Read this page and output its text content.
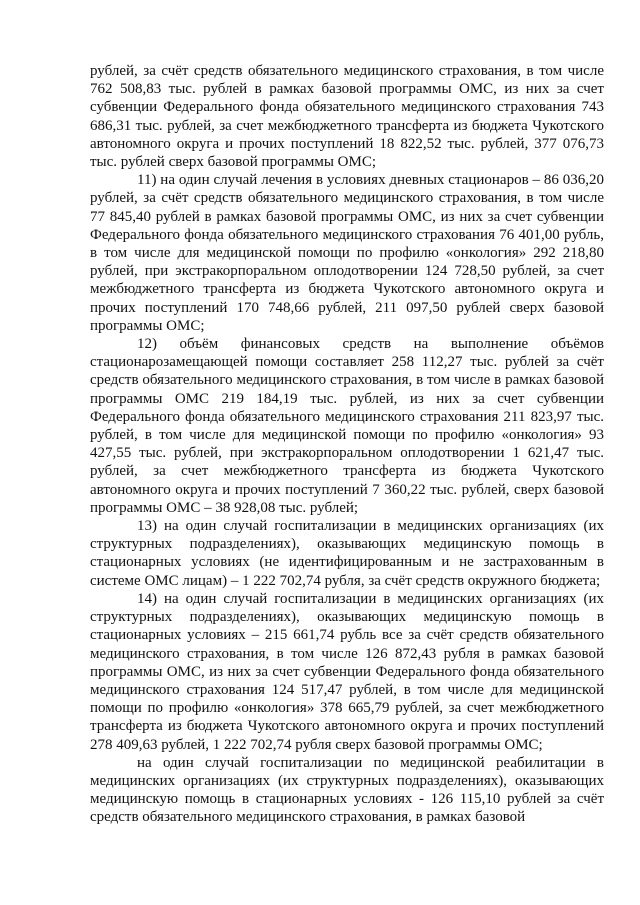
рублей, за счёт средств обязательного медицинского страхования, в том числе 762 508,83 тыс. рублей в рамках базовой программы ОМС, из них за счет субвенции Федерального фонда обязательного медицинского страхования 743 686,31 тыс. рублей, за счет межбюджетного трансферта из бюджета Чукотского автономного округа и прочих поступлений 18 822,52 тыс. рублей, 377 076,73 тыс. рублей сверх базовой программы ОМС;

11) на один случай лечения в условиях дневных стационаров – 86 036,20 рублей, за счёт средств обязательного медицинского страхования, в том числе 77 845,40 рублей в рамках базовой программы ОМС, из них за счет субвенции Федерального фонда обязательного медицинского страхования 76 401,00 рубль, в том числе для медицинской помощи по профилю «онкология» 292 218,80 рублей, при экстракорпоральном оплодотворении 124 728,50 рублей, за счет межбюджетного трансферта из бюджета Чукотского автономного округа и прочих поступлений 170 748,66 рублей, 211 097,50 рублей сверх базовой программы ОМС;

12) объём финансовых средств на выполнение объёмов стационарозамещающей помощи составляет 258 112,27 тыс. рублей за счёт средств обязательного медицинского страхования, в том числе в рамках базовой программы ОМС 219 184,19 тыс. рублей, из них за счет субвенции Федерального фонда обязательного медицинского страхования 211 823,97 тыс. рублей, в том числе для медицинской помощи по профилю «онкология» 93 427,55 тыс. рублей, при экстракорпоральном оплодотворении 1 621,47 тыс. рублей, за счет межбюджетного трансферта из бюджета Чукотского автономного округа и прочих поступлений 7 360,22 тыс. рублей, сверх базовой программы ОМС – 38 928,08 тыс. рублей;

13) на один случай госпитализации в медицинских организациях (их структурных подразделениях), оказывающих медицинскую помощь в стационарных условиях (не идентифицированным и не застрахованным в системе ОМС лицам) – 1 222 702,74 рубля, за счёт средств окружного бюджета;

14) на один случай госпитализации в медицинских организациях (их структурных подразделениях), оказывающих медицинскую помощь в стационарных условиях – 215 661,74 рубль все за счёт средств обязательного медицинского страхования, в том числе 126 872,43 рубля в рамках базовой программы ОМС, из них за счет субвенции Федерального фонда обязательного медицинского страхования 124 517,47 рублей, в том числе для медицинской помощи по профилю «онкология» 378 665,79 рублей, за счет межбюджетного трансферта из бюджета Чукотского автономного округа и прочих поступлений 278 409,63 рублей, 1 222 702,74 рубля сверх базовой программы ОМС;

на один случай госпитализации по медицинской реабилитации в медицинских организациях (их структурных подразделениях), оказывающих медицинскую помощь в стационарных условиях - 126 115,10 рублей за счёт средств обязательного медицинского страхования, в рамках базовой
